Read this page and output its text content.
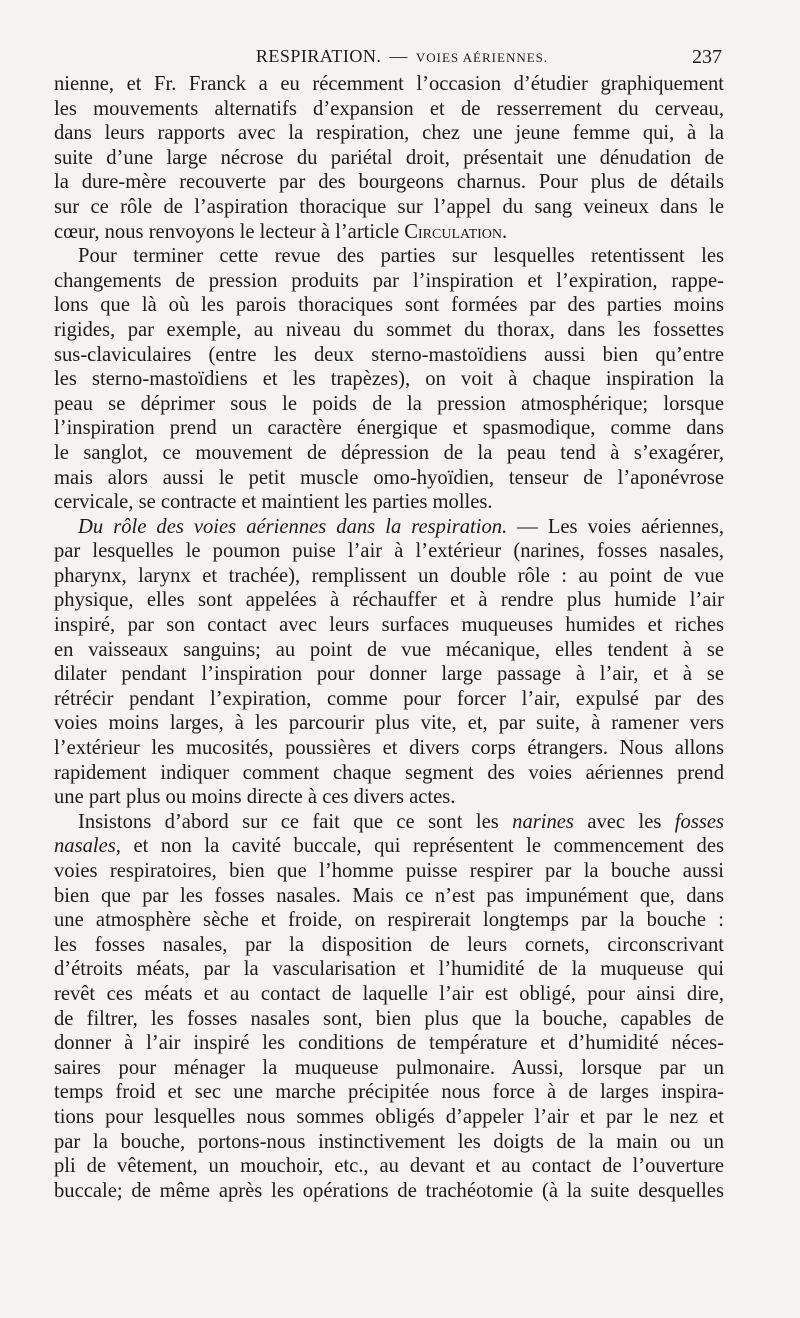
RESPIRATION. — VOIES AÉRIENNES.	237
nienne, et Fr. Franck a eu récemment l’occasion d’étudier graphiquement
les mouvements alternatifs d’expansion et de resserrement du cerveau,
dans leurs rapports avec la respiration, chez une jeune femme qui, à la
suite d’une large nécrose du pariétal droit, présentait une dénudation de
la dure-mère recouverte par des bourgeons charnus. Pour plus de détails
sur ce rôle de l’aspiration thoracique sur l’appel du sang veineux dans le
cœur, nous renvoyons le lecteur à l’article Circulation.
Pour terminer cette revue des parties sur lesquelles retentissent les
changements de pression produits par l’inspiration et l’expiration, rappe-
lons que là où les parois thoraciques sont formées par des parties moins
rigides, par exemple, au niveau du sommet du thorax, dans les fossettes
sus-claviculaires (entre les deux sterno-mastoïdiens aussi bien qu’entre
les sterno-mastoïdiens et les trapèzes), on voit à chaque inspiration la
peau se déprimer sous le poids de la pression atmosphérique; lorsque
l’inspiration prend un caractère énergique et spasmodique, comme dans
le sanglot, ce mouvement de dépression de la peau tend à s’exagérer,
mais alors aussi le petit muscle omo-hyoïdien, tenseur de l’aponévrose
cervicale, se contracte et maintient les parties molles.
Du rôle des voies aériennes dans la respiration. — Les voies aériennes,
par lesquelles le poumon puise l’air à l’extérieur (narines, fosses nasales,
pharynx, larynx et trachée), remplissent un double rôle : au point de vue
physique, elles sont appelées à réchauffer et à rendre plus humide l’air
inspiré, par son contact avec leurs surfaces muqueuses humides et riches
en vaisseaux sanguins; au point de vue mécanique, elles tendent à se
dilater pendant l’inspiration pour donner large passage à l’air, et à se
rétrécir pendant l’expiration, comme pour forcer l’air, expulsé par des
voies moins larges, à les parcourir plus vite, et, par suite, à ramener vers
l’extérieur les mucosités, poussières et divers corps étrangers. Nous allons
rapidement indiquer comment chaque segment des voies aériennes prend
une part plus ou moins directe à ces divers actes.
Insistons d’abord sur ce fait que ce sont les narines avec les fosses
nasales, et non la cavité buccale, qui représentent le commencement des
voies respiratoires, bien que l’homme puisse respirer par la bouche aussi
bien que par les fosses nasales. Mais ce n’est pas impunément que, dans
une atmosphère sèche et froide, on respirerait longtemps par la bouche :
les fosses nasales, par la disposition de leurs cornets, circonscrivant
d’étroits méats, par la vascularisation et l’humidité de la muqueuse qui
revêt ces méats et au contact de laquelle l’air est obligé, pour ainsi dire,
de filtrer, les fosses nasales sont, bien plus que la bouche, capables de
donner à l’air inspiré les conditions de température et d’humidité néces-
saires pour ménager la muqueuse pulmonaire. Aussi, lorsque par un
temps froid et sec une marche précipitée nous force à de larges inspira-
tions pour lesquelles nous sommes obligés d’appeler l’air et par le nez et
par la bouche, portons-nous instinctivement les doigts de la main ou un
pli de vêtement, un mouchoir, etc., au devant et au contact de l’ouverture
buccale; de même après les opérations de trachéotomie (à la suite desquelles
